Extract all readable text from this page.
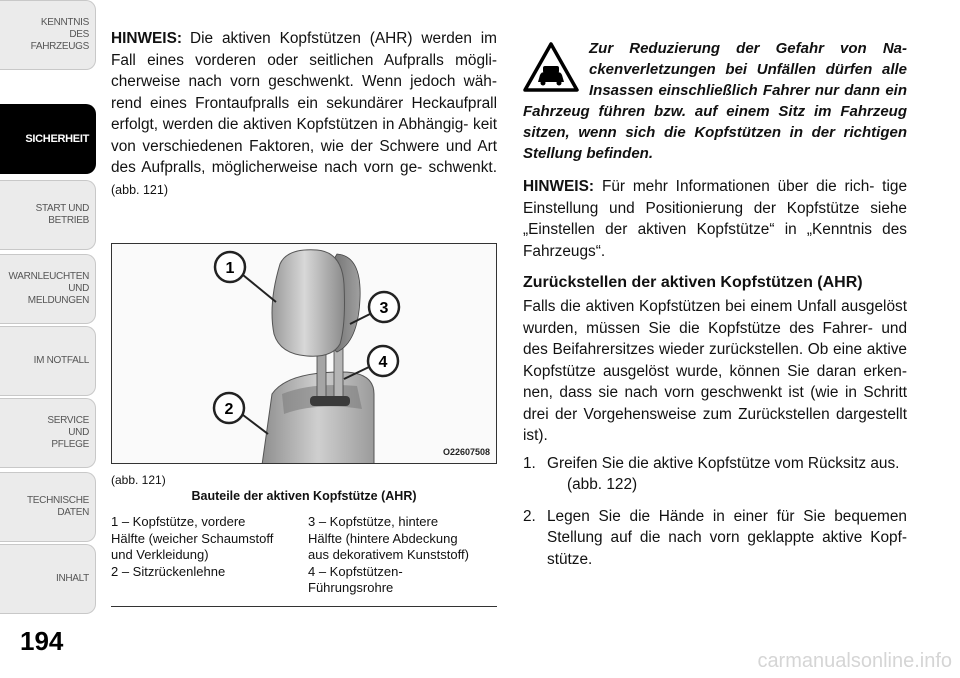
KENNTNIS
DES
FAHRZEUGS
SICHERHEIT
START UND
BETRIEB
WARNLEUCHTEN
UND
MELDUNGEN
IM NOTFALL
SERVICE
UND
PFLEGE
TECHNISCHE
DATEN
INHALT
194
carmanualsonline.info

HINWEIS: Die aktiven Kopfstützen (AHR) werden im Fall eines vorderen oder seitlichen Aufpralls mögli- cherweise nach vorn geschwenkt. Wenn jedoch wäh- rend eines Frontaufpralls ein sekundärer Heckaufprall erfolgt, werden die aktiven Kopfstützen in Abhängig- keit von verschiedenen Faktoren, wie der Schwere und Art des Aufpralls, möglicherweise nach vorn ge- schwenkt. (abb. 121)

1
3
4
2
O22607508
(abb. 121)
Bauteile der aktiven Kopfstütze (AHR)
1 – Kopfstütze, vordere
Hälfte (weicher Schaumstoff
und Verkleidung)
2 – Sitzrückenlehne
3 – Kopfstütze, hintere
Hälfte (hintere Abdeckung
aus dekorativem Kunststoff)
4 – Kopfstützen-
Führungsrohre
Zur Reduzierung der Gefahr von Na- ckenverletzungen bei Unfällen dürfen alle Insassen einschließlich Fahrer nur dann ein Fahrzeug führen bzw. auf einem Sitz im Fahrzeug sitzen, wenn sich die Kopfstützen in der richtigen Stellung befinden.

HINWEIS: Für mehr Informationen über die rich- tige Einstellung und Positionierung der Kopfstütze siehe „Einstellen der aktiven Kopfstütze“ in „Kenntnis des Fahrzeugs“.

Zurückstellen der aktiven Kopfstützen (AHR)

Falls die aktiven Kopfstützen bei einem Unfall ausgelöst wurden, müssen Sie die Kopfstütze des Fahrer- und des Beifahrersitzes wieder zurückstellen. Ob eine aktive Kopfstütze ausgelöst wurde, können Sie daran erken- nen, dass sie nach vorn geschwenkt ist (wie in Schritt drei der Vorgehensweise zum Zurückstellen dargestellt ist).

1. Greifen Sie die aktive Kopfstütze vom Rücksitz aus.
(abb. 122)
2. Legen Sie die Hände in einer für Sie bequemen Stellung auf die nach vorn geklappte aktive Kopf- stütze.
